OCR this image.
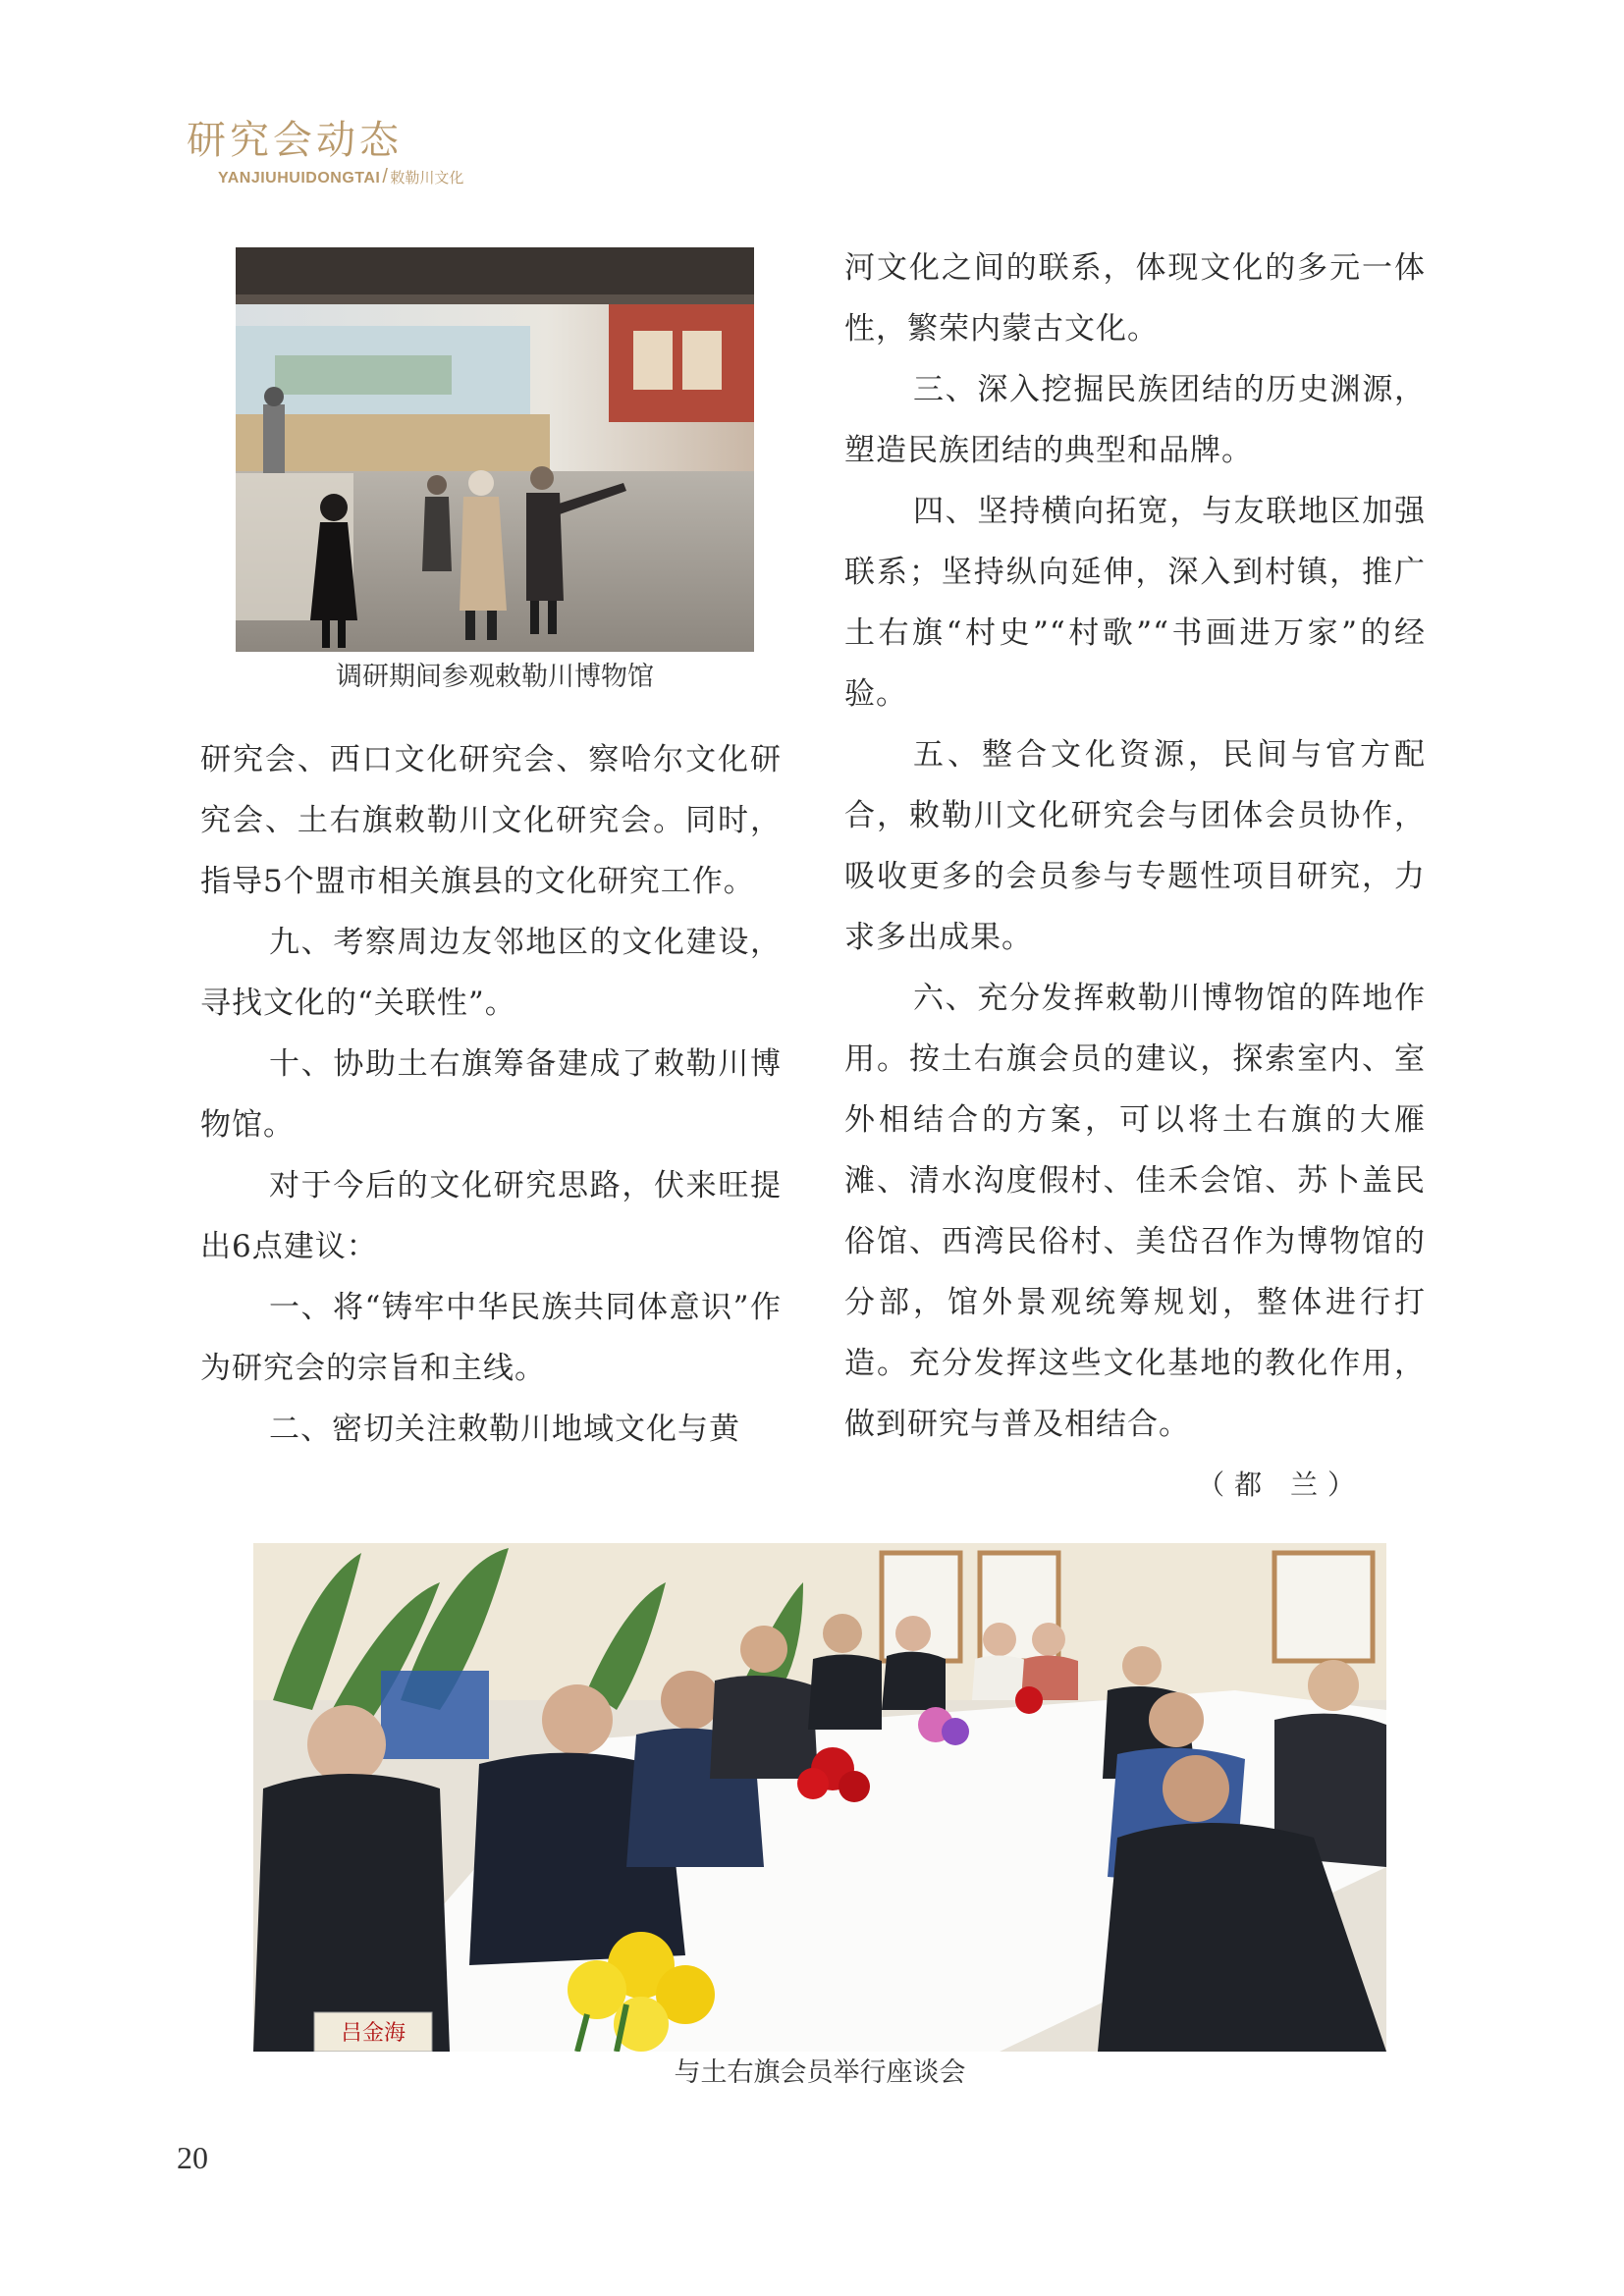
研究会动态
YANJIUHUIDONGTAI / 敕勒川文化
调研期间参观敕勒川博物馆

研究会、西口文化研究会、察哈尔文化研究会、土右旗敕勒川文化研究会。同时，指导5个盟市相关旗县的文化研究工作。

九、考察周边友邻地区的文化建设，寻找文化的“关联性”。

十、协助土右旗筹备建成了敕勒川博物馆。

对于今后的文化研究思路，伏来旺提出6点建议：

一、将“铸牢中华民族共同体意识”作为研究会的宗旨和主线。

二、密切关注敕勒川地域文化与黄

河文化之间的联系，体现文化的多元一体性，繁荣内蒙古文化。

三、深入挖掘民族团结的历史渊源，塑造民族团结的典型和品牌。

四、坚持横向拓宽，与友联地区加强联系；坚持纵向延伸，深入到村镇，推广土右旗“村史”“村歌”“书画进万家”的经验。

五、整合文化资源，民间与官方配合，敕勒川文化研究会与团体会员协作，吸收更多的会员参与专题性项目研究，力求多出成果。

六、充分发挥敕勒川博物馆的阵地作用。按土右旗会员的建议，探索室内、室外相结合的方案，可以将土右旗的大雁滩、清水沟度假村、佳禾会馆、苏卜盖民俗馆、西湾民俗村、美岱召作为博物馆的分部，馆外景观统筹规划，整体进行打造。充分发挥这些文化基地的教化作用，做到研究与普及相结合。

（都 兰）
吕金海
与土右旗会员举行座谈会
20
